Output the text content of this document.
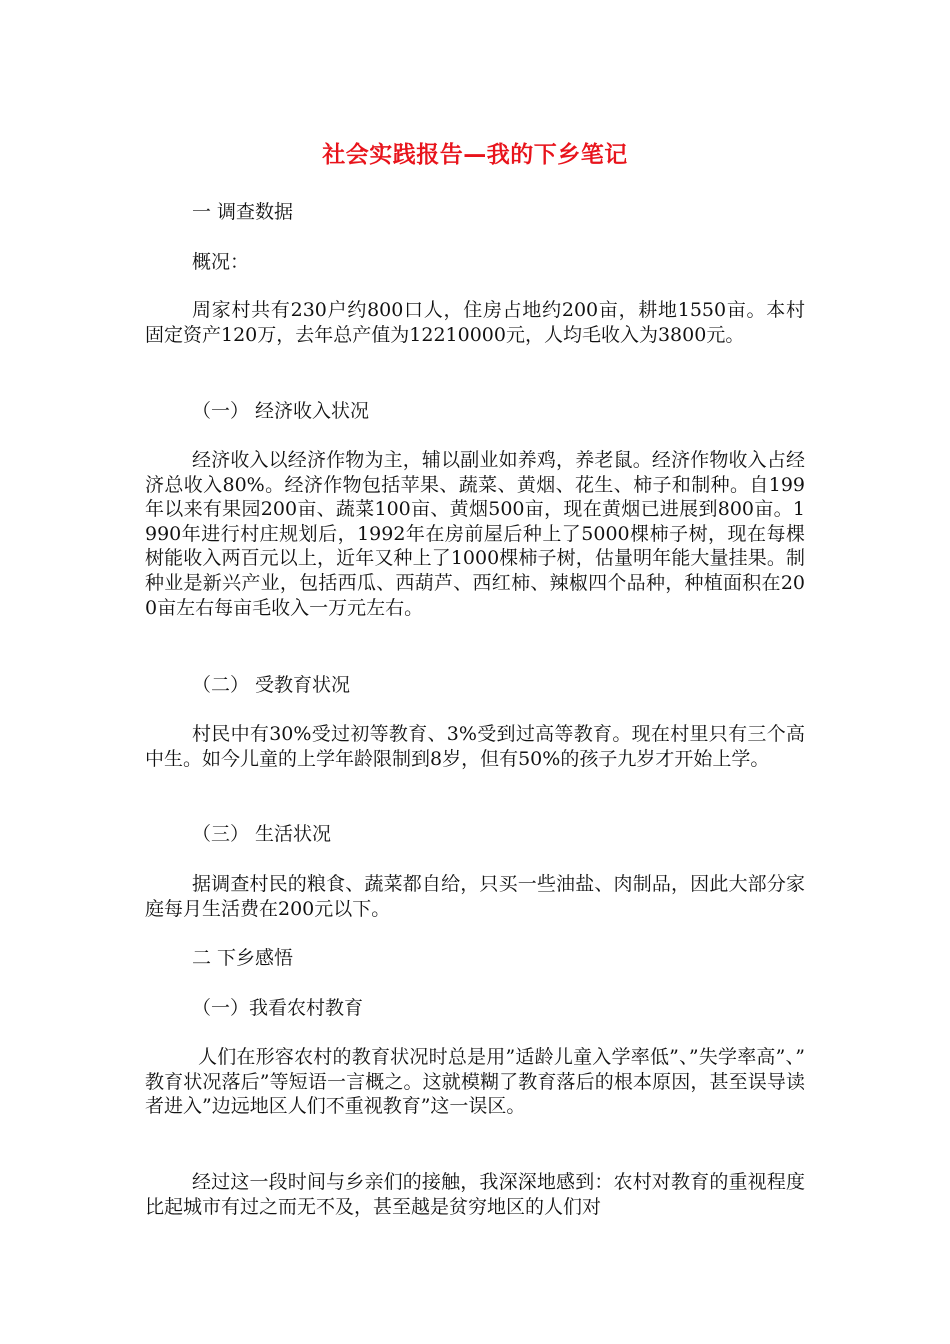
社会实践报告—我的下乡笔记

一 调查数据

概况：

周家村共有230户约800口人，住房占地约200亩，耕地1550亩。本村固定资产120万，去年总产值为12210000元，人均毛收入为3800元。

（一） 经济收入状况

经济收入以经济作物为主，辅以副业如养鸡，养老鼠。经济作物收入占经济总收入80%。经济作物包括苹果、蔬菜、黄烟、花生、柿子和制种。自199年以来有果园200亩、蔬菜100亩、黄烟500亩，现在黄烟已进展到800亩。1990年进行村庄规划后，1992年在房前屋后种上了5000棵柿子树，现在每棵树能收入两百元以上，近年又种上了1000棵柿子树，估量明年能大量挂果。制种业是新兴产业，包括西瓜、西葫芦、西红柿、辣椒四个品种，种植面积在200亩左右每亩毛收入一万元左右。

（二） 受教育状况

村民中有30%受过初等教育、3%受到过高等教育。现在村里只有三个高中生。如今儿童的上学年龄限制到8岁，但有50%的孩子九岁才开始上学。

（三） 生活状况

据调查村民的粮食、蔬菜都自给，只买一些油盐、肉制品，因此大部分家庭每月生活费在200元以下。

二 下乡感悟

（一）我看农村教育

人们在形容农村的教育状况时总是用”适龄儿童入学率低”、”失学率高”、”教育状况落后”等短语一言概之。这就模糊了教育落后的根本原因，甚至误导读者进入”边远地区人们不重视教育”这一误区。

经过这一段时间与乡亲们的接触，我深深地感到：农村对教育的重视程度比起城市有过之而无不及，甚至越是贫穷地区的人们对
